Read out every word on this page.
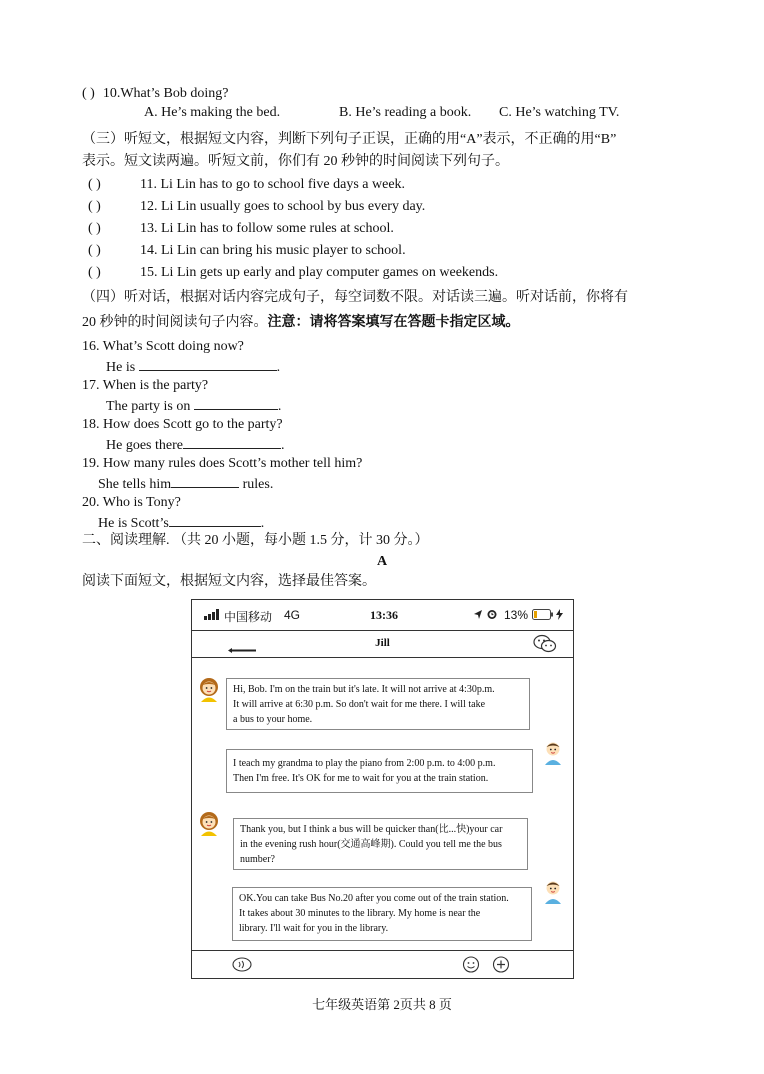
( ) 10.What’s Bob doing?
A. He’s making the bed.	B. He’s reading a book. C. He’s watching TV.
（三）听短文，根据短文内容，判断下列句子正误，正确的用“A”表示，不正确的用“B”
表示。短文读两遍。听短文前，你们有 20 秒钟的时间阅读下列句子。
( )	11. Li Lin has to go to school five days a week.
( )	12. Li Lin usually goes to school by bus every day.
( )	13. Li Lin has to follow some rules at school.
( )	14. Li Lin can bring his music player to school.
( )	15. Li Lin gets up early and play computer games on weekends.
（四）听对话，根据对话内容完成句子，每空词数不限。对话读三遍。听对话前，你将有
20 秒钟的时间阅读句子内容。注意：请将答案填写在答题卡指定区域。
16. What’s Scott doing now?
He is	.
17. When is the party?
The party is on	.
18. How does Scott go to the party?
He goes there	.
19. How many rules does Scott’s mother tell him?
She tells him	rules.
20. Who is Tony?
He is Scott’s	.
二、阅读理解. （共 20 小题，每小题 1.5 分，计 30 分。）
A
阅读下面短文，根据短文内容，选择最佳答案。
中国移动 4G	13:36	13%
Jill
Hi, Bob. I'm on the train but it's late. It will not arrive at 4:30p.m.
It will arrive at 6:30 p.m. So don't wait for me there. I will take
a bus to your home.
I teach my grandma to play the piano from 2:00 p.m. to 4:00 p.m.
Then I'm free. It's OK for me to wait for you at the train station.
Thank you, but I think a bus will be quicker than(比...快)your car
in the evening rush hour(交通高峰期). Could you tell me the bus
number?
OK.You can take Bus No.20 after you come out of the train station.
It takes about 30 minutes to the library. My home is near the
library. I'll wait for you in the library.
七年级英语第 2页共 8 页
